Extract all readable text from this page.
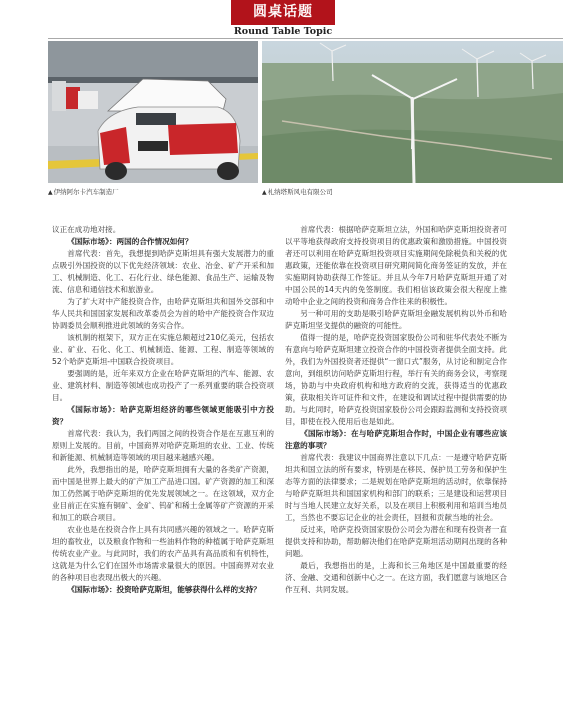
圆桌话题
Round Table Topic
▲伊纳阿尔卡汽车制造厂	▲札纳塔斯风电有限公司

议正在成功地对接。

《国际市场》：两国的合作情况如何？

首席代表：首先，我想提到哈萨克斯坦具有强大发展潜力的重点吸引外国投资的以下优先经济领域：农业、冶金、矿产开采和加工、机械制造、化工、石化行业、绿色能源、食品生产、运输及物流、信息和通信技术和旅游业。

为了扩大对中产能投资合作，由哈萨克斯坦共和国外交部和中华人民共和国国家发展和改革委员会为首的哈中产能投资合作双边协调委员会顺利推进此领域的务实合作。

该机制的框架下，双方正在实施总额超过210亿美元，包括农业、矿业、石化、化工、机械制造、能源、工程、制造等领域的52个哈萨克斯坦-中国联合投资项目。

要强调的是，近年来双方企业在哈萨克斯坦的汽车、能源、农业、建筑材料、制造等领域也成功投产了一系列重要的联合投资项目。

《国际市场》：哈萨克斯坦经济的哪些领域更能吸引中方投资？

首席代表：我认为，我们两国之间的投资合作是在互惠互利的原则上发展的。目前，中国商界对哈萨克斯坦的农业、工业、传统和新能源、机械制造等领域的项目越来越感兴趣。

此外，我想指出的是，哈萨克斯坦拥有大量的各类矿产资源，而中国是世界上最大的矿产加工产品进口国。矿产资源的加工和深加工仍然属于哈萨克斯坦的优先发展领域之一。在这领域，双方企业目前正在实施有铜矿、金矿、钨矿和稀土金属等矿产资源的开采和加工的联合项目。

农业也是在投资合作上具有共同感兴趣的领域之一。哈萨克斯坦的畜牧业，以及粮食作物和一些油料作物的种植属于哈萨克斯坦传统农业产业。与此同时，我们的农产品具有高品质和有机特性，这就是为什么它们在国外市场需求量很大的原因。中国商界对农业的各种项目也表现出极大的兴趣。

《国际市场》：投资哈萨克斯坦，能够获得什么样的支持？

首席代表：根据哈萨克斯坦立法，外国和哈萨克斯坦投资者可以平等地获得政府支持投资项目的优惠政策和激励措施。中国投资者还可以利用在哈萨克斯坦投资项目实施期间免除税负和关税的优惠政策，还能依靠在投资项目研究期间简化商务签证的发放，并在实施期间协助获得工作签证。并且从今年7月哈萨克斯坦开通了对中国公民的14天内的免签制度。我们相信该政策会很大程度上推动哈中企业之间的投资和商务合作往来的积极性。

另一种可用的支助是吸引哈萨克斯坦金融发展机构以外币和哈萨克斯坦坚戈提供的融资的可能性。

值得一提的是，哈萨克投资国家股份公司和驻华代表处不断为有意向与哈萨克斯坦建立投资合作的中国投资者提供全面支持。此外，我们为外国投资者还提供“一窗口式”服务，从讨论和制定合作意向，到组织访问哈萨克斯坦行程，举行有关的商务会议，考察现场，协助与中央政府机构和地方政府的交流，获得适当的优惠政策，获取相关许可证件和文件，在建设和调试过程中提供需要的协助。与此同时，哈萨克投资国家股份公司会跟踪监测和支持投资项目，即使在投入使用后也是如此。

《国际市场》：在与哈萨克斯坦合作时，中国企业有哪些应该注意的事项？

首席代表：我建议中国商界注意以下几点：一是遵守哈萨克斯坦共和国立法的所有要求，特别是在移民、保护员工劳务和保护生态等方面的法律要求；二是规划在哈萨克斯坦的活动时，依靠保持与哈萨克斯坦共和国国家机构和部门的联系；三是建设和运营项目时与当地人民建立友好关系，以及在项目上积极利用和培训当地员工，当然也不要忘记企业的社会责任，回报和贡献当地的社会。

反过来，哈萨克投资国家股份公司会为潜在和现有投资者一直提供支持和协助，帮助解决他们在哈萨克斯坦活动期间出现的各种问题。

最后，我想指出的是，上海和长三角地区是中国最重要的经济、金融、交通和创新中心之一。在这方面，我们愿意与该地区合作互利、共同发展。
